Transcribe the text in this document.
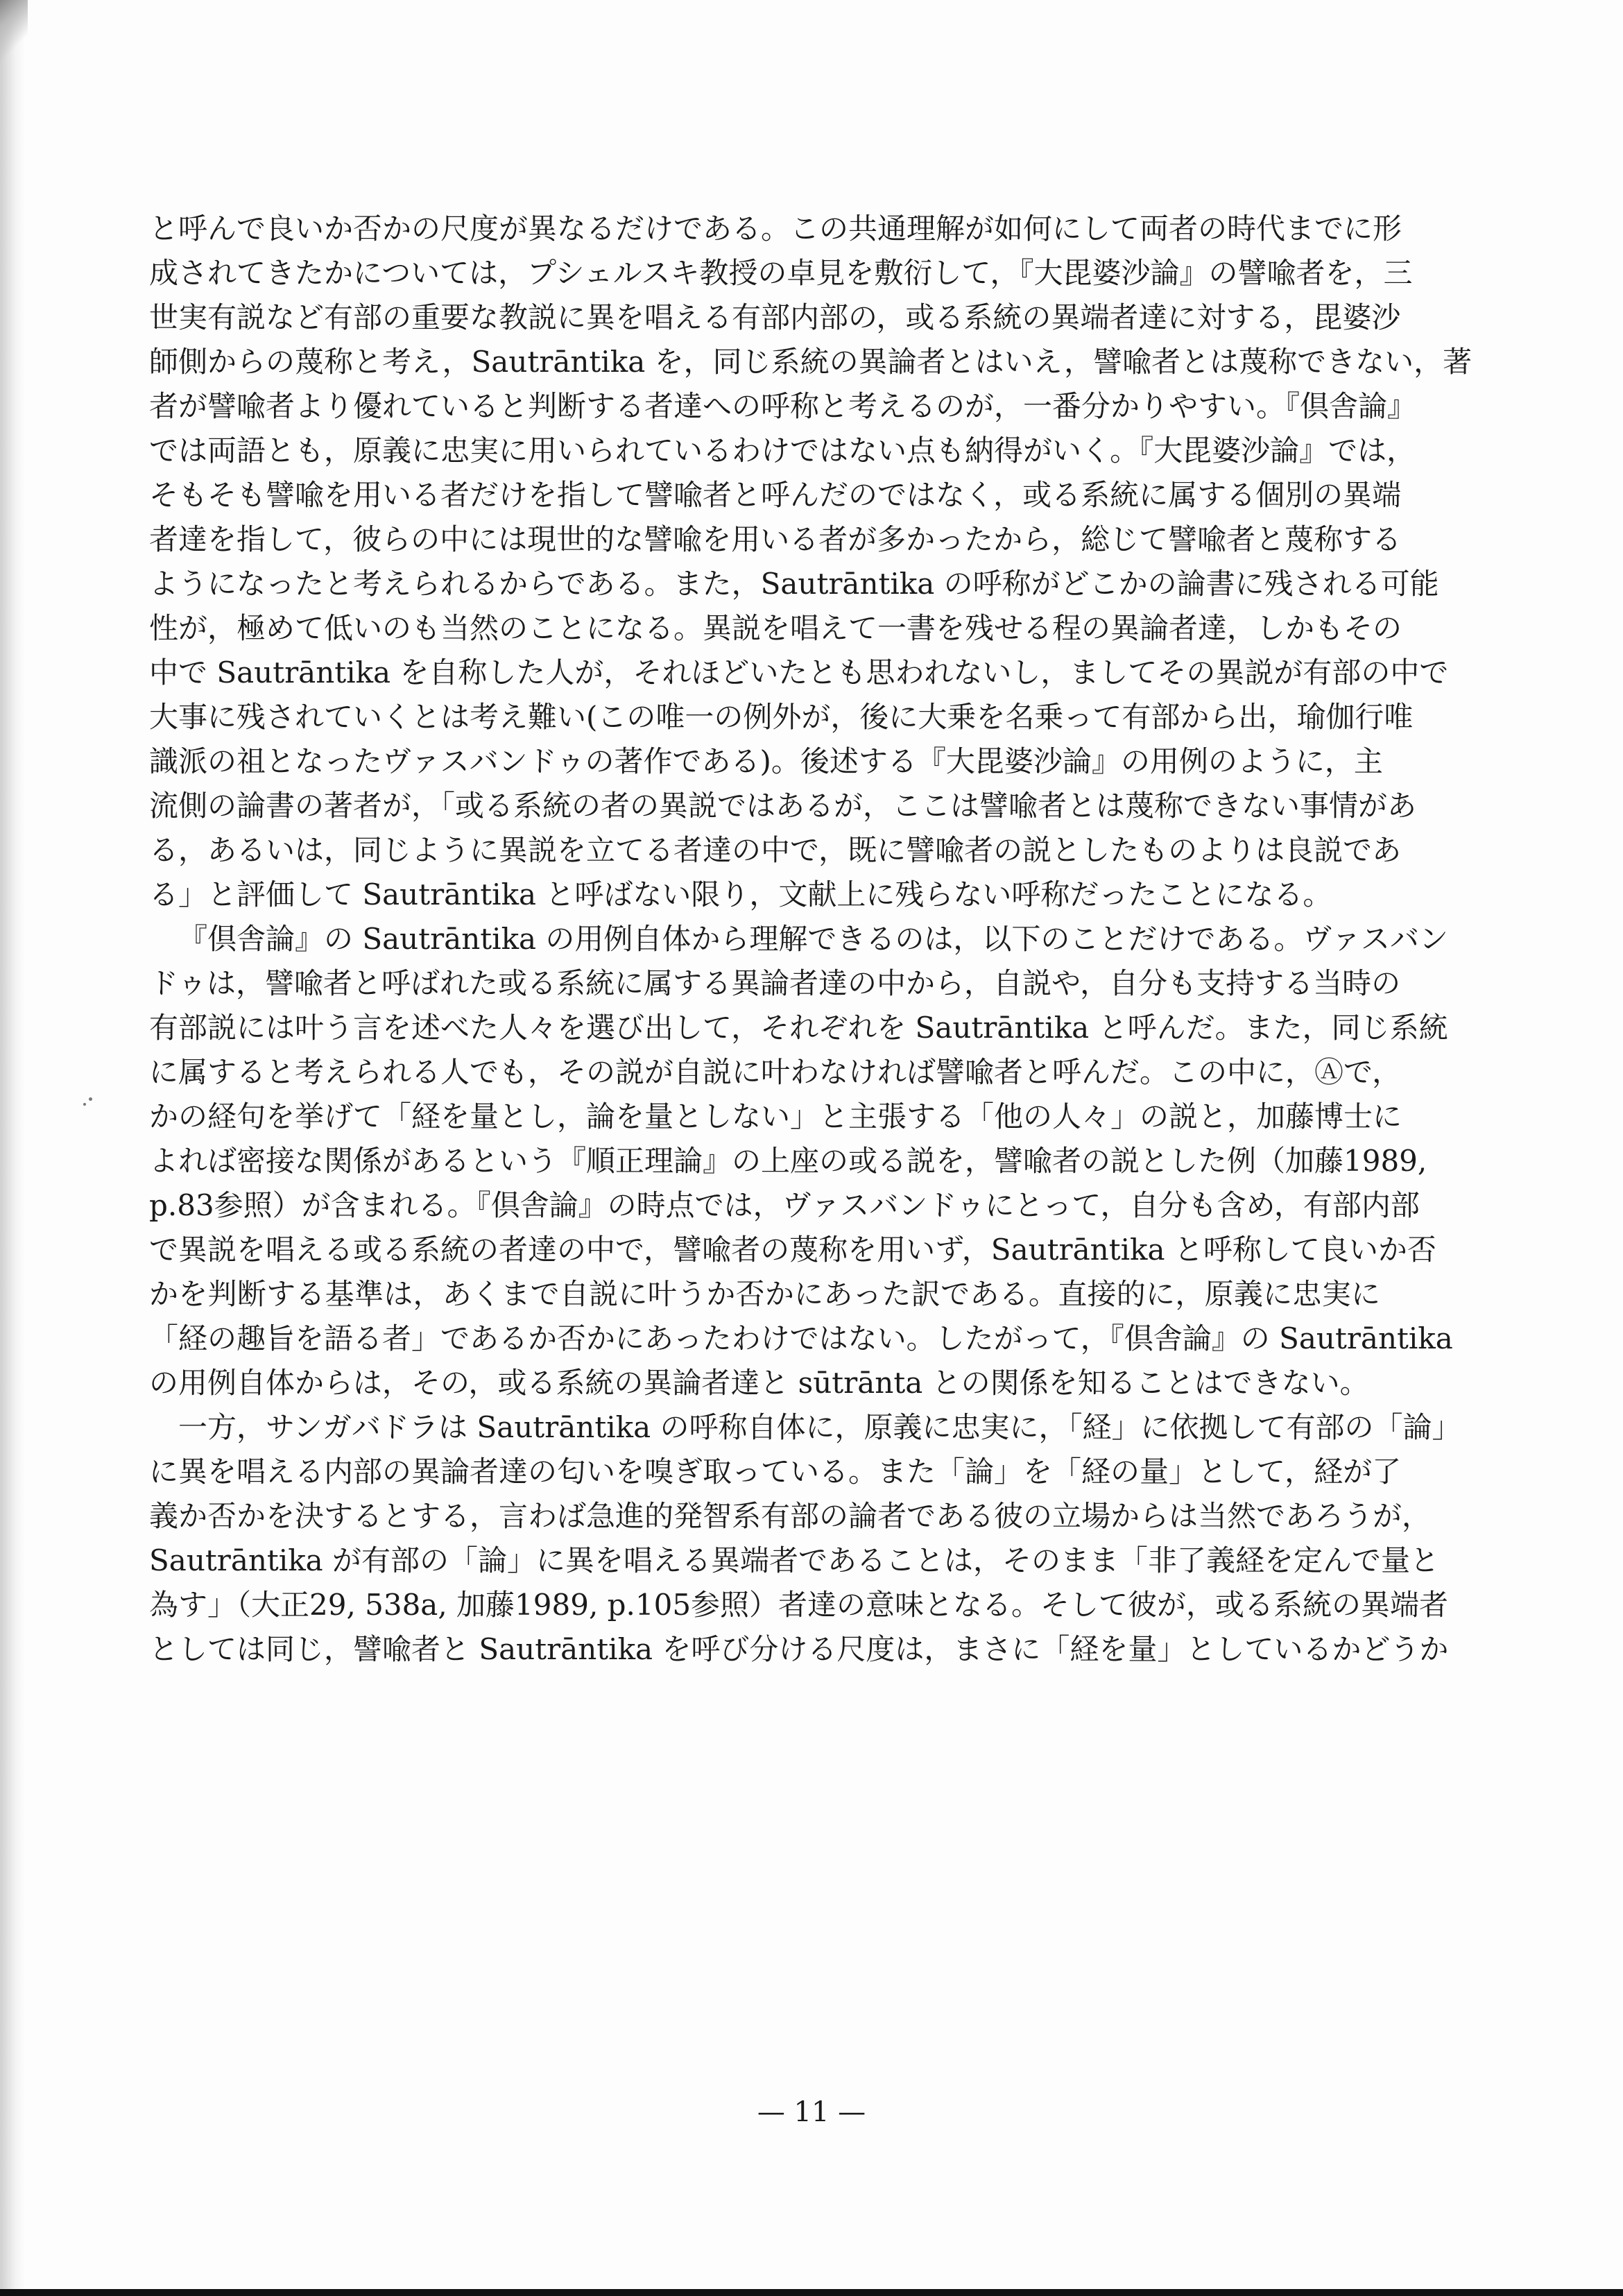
と呼んで良いか否かの尺度が異なるだけである。この共通理解が如何にして両者の時代までに形
成されてきたかについては，プシェルスキ教授の卓見を敷衍して，『大毘婆沙論』の譬喩者を，三
世実有説など有部の重要な教説に異を唱える有部内部の，或る系統の異端者達に対する，毘婆沙
師側からの蔑称と考え，Sautrāntika を，同じ系統の異論者とはいえ，譬喩者とは蔑称できない，著
者が譬喩者より優れていると判断する者達への呼称と考えるのが，一番分かりやすい。『倶舎論』
では両語とも，原義に忠実に用いられているわけではない点も納得がいく。『大毘婆沙論』では，
そもそも譬喩を用いる者だけを指して譬喩者と呼んだのではなく，或る系統に属する個別の異端
者達を指して，彼らの中には現世的な譬喩を用いる者が多かったから，総じて譬喩者と蔑称する
ようになったと考えられるからである。また，Sautrāntika の呼称がどこかの論書に残される可能
性が，極めて低いのも当然のことになる。異説を唱えて一書を残せる程の異論者達，しかもその
中で Sautrāntika を自称した人が，それほどいたとも思われないし，ましてその異説が有部の中で
大事に残されていくとは考え難い(この唯一の例外が，後に大乗を名乗って有部から出，瑜伽行唯
識派の祖となったヴァスバンドゥの著作である)。後述する『大毘婆沙論』の用例のように，主
流側の論書の著者が，「或る系統の者の異説ではあるが，ここは譬喩者とは蔑称できない事情があ
る，あるいは，同じように異説を立てる者達の中で，既に譬喩者の説としたものよりは良説であ
る」と評価して Sautrāntika と呼ばない限り，文献上に残らない呼称だったことになる。
『倶舎論』の Sautrāntika の用例自体から理解できるのは，以下のことだけである。ヴァスバン
ドゥは，譬喩者と呼ばれた或る系統に属する異論者達の中から，自説や，自分も支持する当時の
有部説には叶う言を述べた人々を選び出して，それぞれを Sautrāntika と呼んだ。また，同じ系統
に属すると考えられる人でも，その説が自説に叶わなければ譬喩者と呼んだ。この中に，Ⓐで，
かの経句を挙げて「経を量とし，論を量としない」と主張する「他の人々」の説と，加藤博士に
よれば密接な関係があるという『順正理論』の上座の或る説を，譬喩者の説とした例（加藤1989,
p.83参照）が含まれる。『倶舎論』の時点では，ヴァスバンドゥにとって，自分も含め，有部内部
で異説を唱える或る系統の者達の中で，譬喩者の蔑称を用いず，Sautrāntika と呼称して良いか否
かを判断する基準は，あくまで自説に叶うか否かにあった訳である。直接的に，原義に忠実に
「経の趣旨を語る者」であるか否かにあったわけではない。したがって，『倶舎論』の Sautrāntika
の用例自体からは，その，或る系統の異論者達と sūtrānta との関係を知ることはできない。
一方，サンガバドラは Sautrāntika の呼称自体に，原義に忠実に，「経」に依拠して有部の「論」
に異を唱える内部の異論者達の匂いを嗅ぎ取っている。また「論」を「経の量」として，経が了
義か否かを決するとする，言わば急進的発智系有部の論者である彼の立場からは当然であろうが，
Sautrāntika が有部の「論」に異を唱える異端者であることは，そのまま「非了義経を定んで量と
為す」（大正29, 538a, 加藤1989, p.105参照）者達の意味となる。そして彼が，或る系統の異端者
としては同じ，譬喩者と Sautrāntika を呼び分ける尺度は，まさに「経を量」としているかどうか
— 11 —
